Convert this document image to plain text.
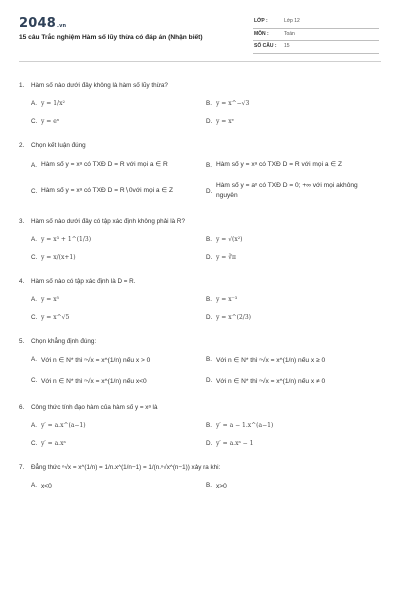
2048.vn
15 câu Trắc nghiệm Hàm số lũy thừa có đáp án (Nhận biết)
LỚP :	Lớp 12
MÔN :	Toán
SỐ CÂU : 15
1.	Hàm số nào dưới đây không là hàm số lũy thừa?
A. y = 1/x²	B. y = x^−√3
C. y = eˣ	D. y = xᵉ
2.	Chọn kết luận đúng
A. Hàm số y = xᵃ có TXĐ D = R với mọi a ∈ R	B. Hàm số y = xᵃ có TXĐ D = R với mọi a ∈ Z
C. Hàm số y = xᵃ có TXĐ D = R∖0với mọi a ∈ Z	D.
Hàm số y = aˣ có TXĐ D = 0; +∞ với mọi akhông nguyên
3.	Hàm số nào dưới đây có tập xác định không phải là R?
A. y = x³ + 1^(1/3)	B. y = √(x²)
C. y = x/(x+1)	D. y = ∛π
4.	Hàm số nào có tập xác định là D = R.
A. y = x⁵	B. y = x⁻³
C. y = x^√5	D. y = x^(2/3)
5.	Chọn khẳng định đúng:
A. Với n ∈ N* thì ⁿ√x = x^(1/n) nếu x > 0	B. Với n ∈ N* thì ⁿ√x = x^(1/n) nếu x ≥ 0
C. Với n ∈ N* thì ⁿ√x = x^(1/n) nếu x<0	D. Với n ∈ N* thì ⁿ√x = x^(1/n) nếu x ≠ 0
6.	Công thức tính đạo hàm của hàm số y = xᵃ là
A. y′ = a.x^(a−1)	B. y′ = a − 1.x^(a−1)
C. y′ = a.xᵃ	D. y′ = a.xᵃ − 1
7.	Đẳng thức ⁿ√x = x^(1/n) = 1/n.x^(1/n−1) = 1/(n.ⁿ√x^(n−1)) xảy ra khi:
A. x<0	B. x>0
